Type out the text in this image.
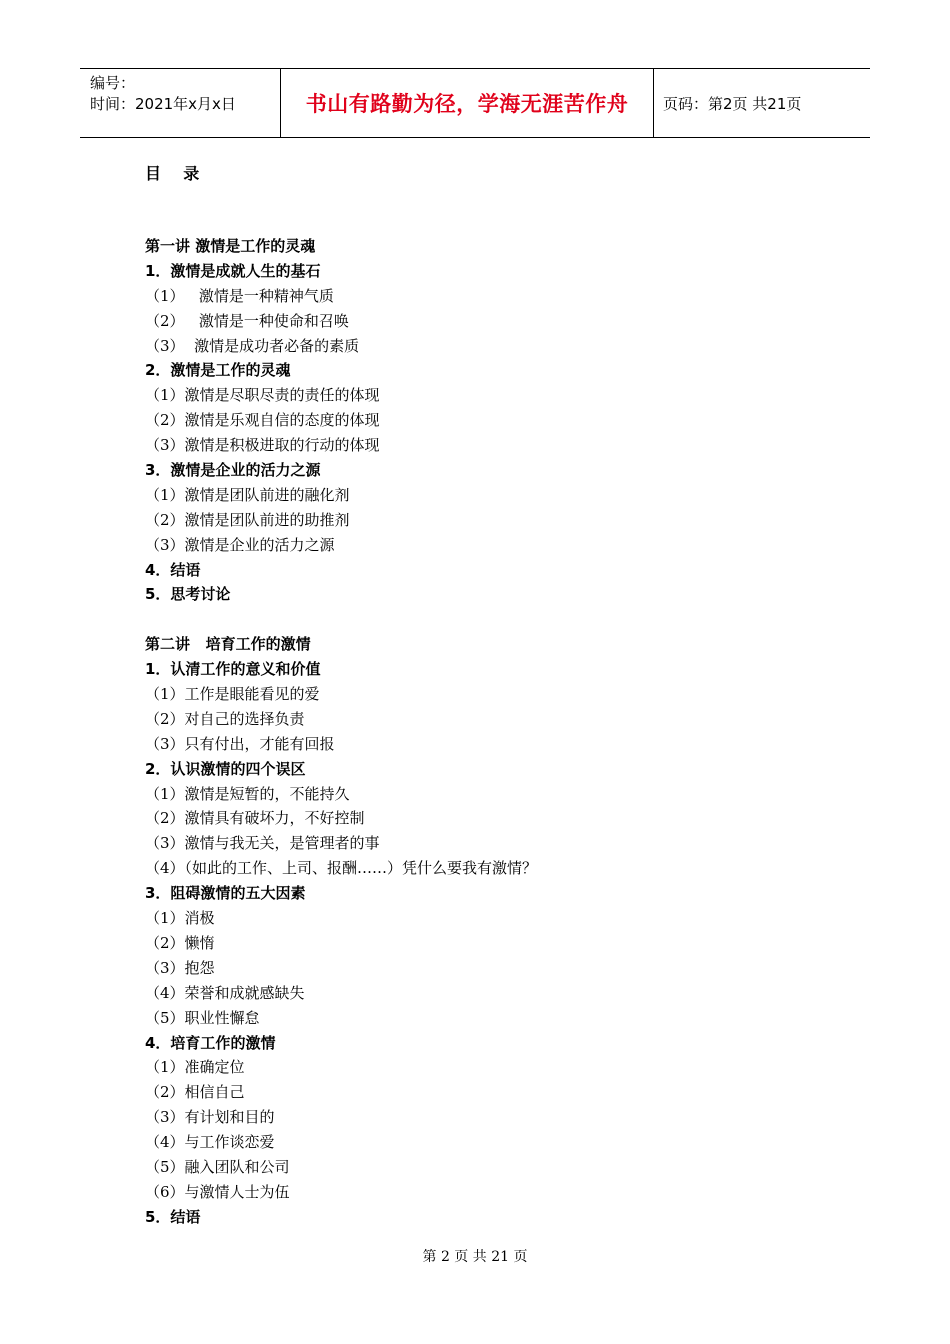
编号：
时间：2021年x月x日	书山有路勤为径，学海无涯苦作舟	页码：第2页 共21页
目    录
第一讲 激情是工作的灵魂
1．激情是成就人生的基石
（1）   激情是一种精神气质
（2）   激情是一种使命和召唤
（3）  激情是成功者必备的素质
2．激情是工作的灵魂
（1）激情是尽职尽责的责任的体现
（2）激情是乐观自信的态度的体现
（3）激情是积极进取的行动的体现
3．激情是企业的活力之源
（1）激情是团队前进的融化剂
（2）激情是团队前进的助推剂
（3）激情是企业的活力之源
4．结语
5．思考讨论
第二讲   培育工作的激情
1．认清工作的意义和价值
（1）工作是眼能看见的爱
（2）对自己的选择负责
（3）只有付出，才能有回报
2．认识激情的四个误区
（1）激情是短暂的，不能持久
（2）激情具有破坏力，不好控制
（3）激情与我无关，是管理者的事
（4）（如此的工作、上司、报酬……）凭什么要我有激情？
3．阻碍激情的五大因素
（1）消极
（2）懒惰
（3）抱怨
（4）荣誉和成就感缺失
（5）职业性懈怠
4．培育工作的激情
（1）准确定位
（2）相信自己
（3）有计划和目的
（4）与工作谈恋爱
（5）融入团队和公司
（6）与激情人士为伍
5．结语
第 2 页 共 21 页
